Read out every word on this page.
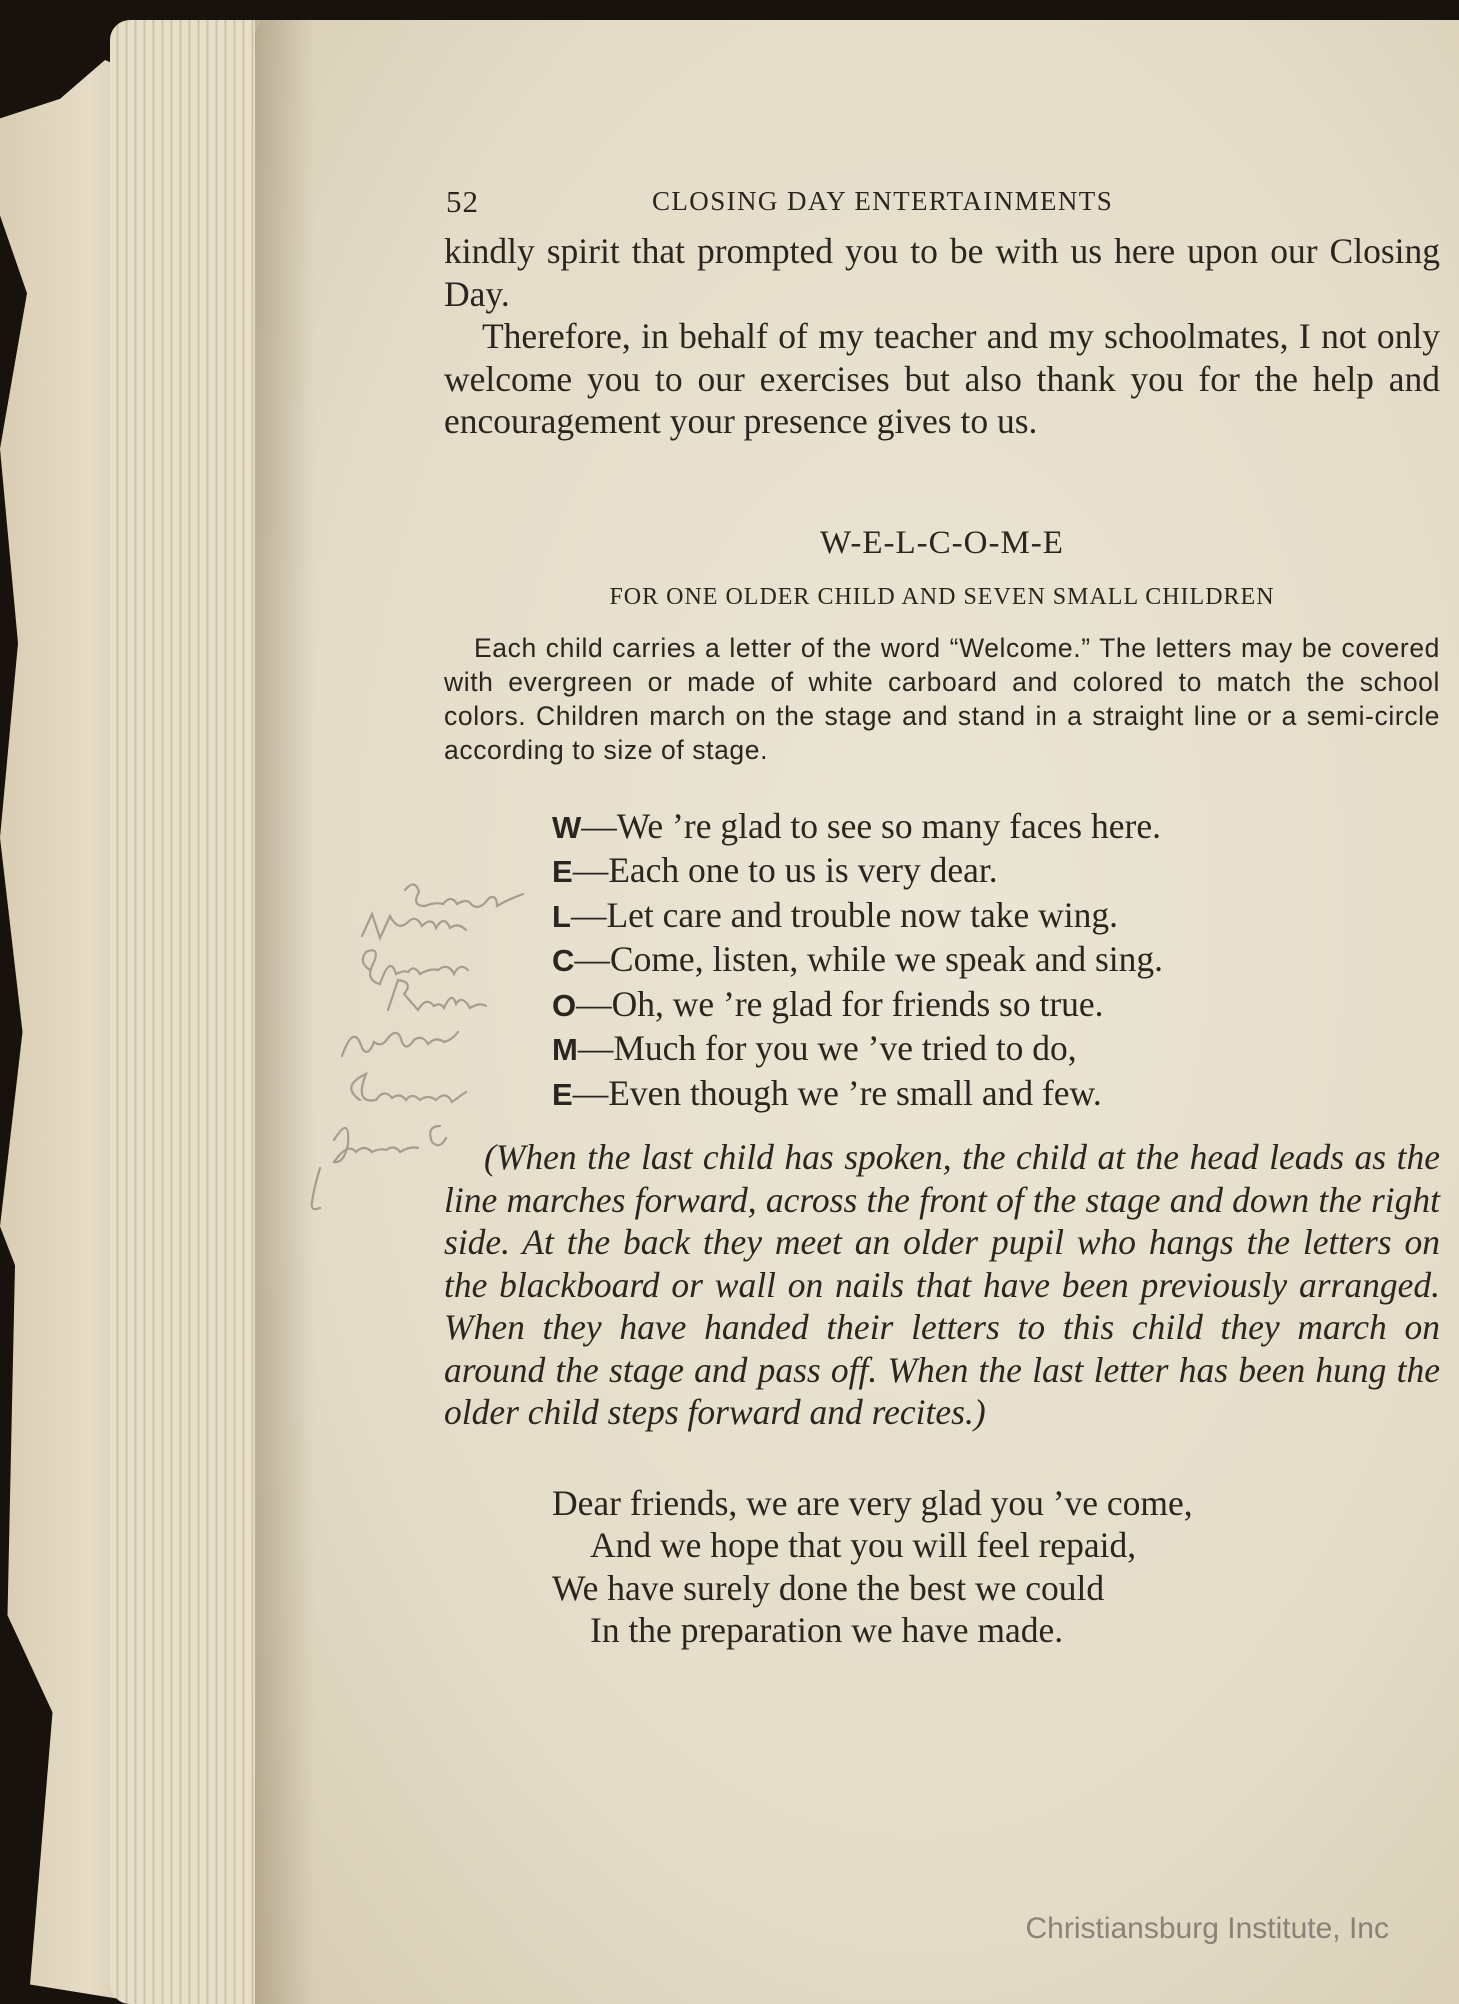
52	CLOSING DAY ENTERTAINMENTS

kindly spirit that prompted you to be with us here upon our Closing Day.

Therefore, in behalf of my teacher and my schoolmates, I not only welcome you to our exercises but also thank you for the help and encouragement your presence gives to us.

W-E-L-C-O-M-E
FOR ONE OLDER CHILD AND SEVEN SMALL CHILDREN

Each child carries a letter of the word “Welcome.” The letters may be covered with evergreen or made of white carboard and colored to match the school colors. Children march on the stage and stand in a straight line or a semi-circle according to size of stage.

W—We ’re glad to see so many faces here.
E—Each one to us is very dear.
L—Let care and trouble now take wing.
C—Come, listen, while we speak and sing.
O—Oh, we ’re glad for friends so true.
M—Much for you we ’ve tried to do,
E—Even though we ’re small and few.

(When the last child has spoken, the child at the head leads as the line marches forward, across the front of the stage and down the right side. At the back they meet an older pupil who hangs the letters on the blackboard or wall on nails that have been previously arranged. When they have handed their letters to this child they march on around the stage and pass off. When the last letter has been hung the older child steps forward and recites.)

Dear friends, we are very glad you ’ve come,
And we hope that you will feel repaid,
We have surely done the best we could
In the preparation we have made.
Christiansburg Institute, Inc
